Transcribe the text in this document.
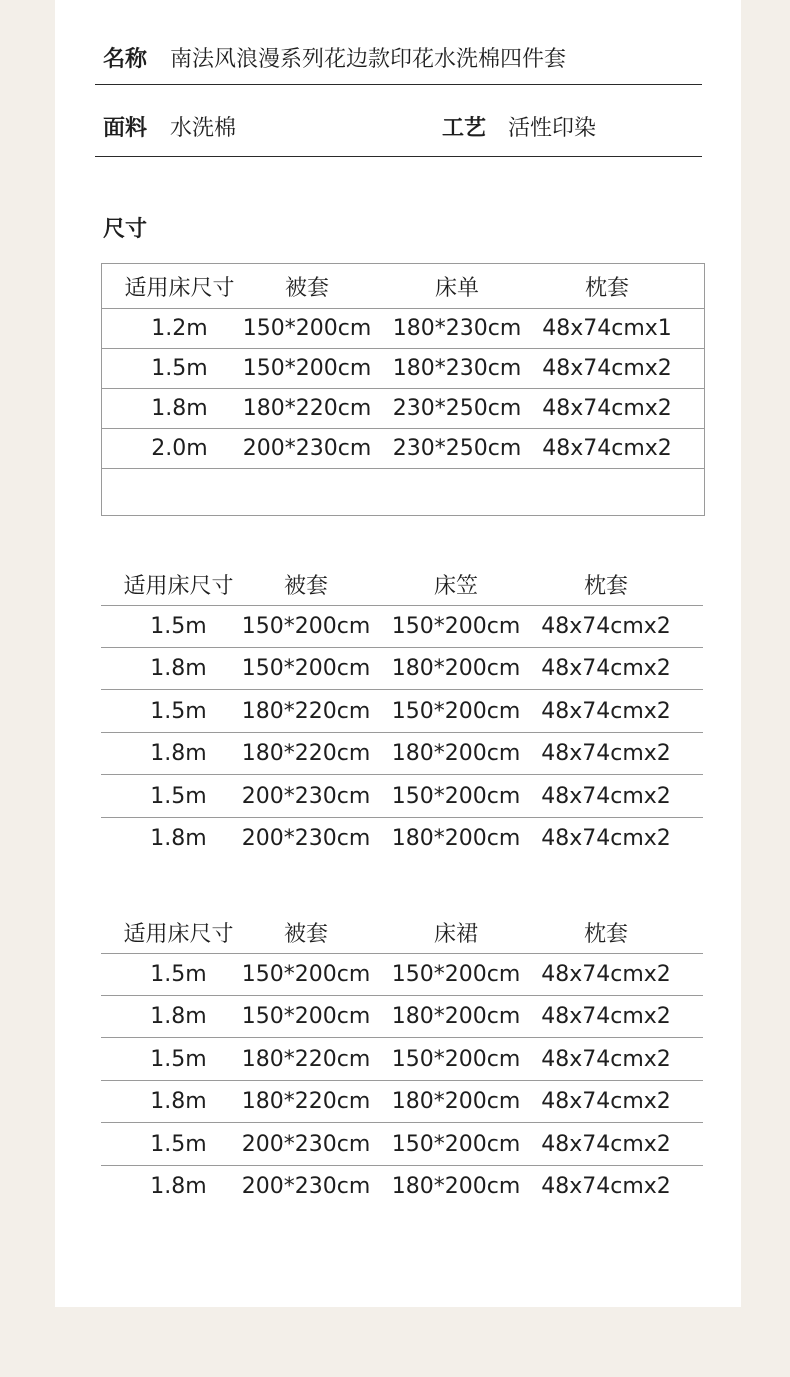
名称 南法风浪漫系列花边款印花水洗棉四件套
面料 水洗棉	工艺 活性印染
尺寸
适用床尺寸	被套	床单	枕套
1.2m	150*200cm 180*230cm 48x74cmx1
1.5m	150*200cm 180*230cm 48x74cmx2
1.8m	180*220cm 230*250cm 48x74cmx2
2.0m	200*230cm 230*250cm 48x74cmx2
适用床尺寸	被套	床笠	枕套
1.5m	150*200cm 150*200cm 48x74cmx2
1.8m	150*200cm 180*200cm 48x74cmx2
1.5m	180*220cm 150*200cm 48x74cmx2
1.8m	180*220cm 180*200cm 48x74cmx2
1.5m	200*230cm 150*200cm 48x74cmx2
1.8m	200*230cm 180*200cm 48x74cmx2
适用床尺寸	被套	床裙	枕套
1.5m	150*200cm 150*200cm 48x74cmx2
1.8m	150*200cm 180*200cm 48x74cmx2
1.5m	180*220cm 150*200cm 48x74cmx2
1.8m	180*220cm 180*200cm 48x74cmx2
1.5m	200*230cm 150*200cm 48x74cmx2
1.8m	200*230cm 180*200cm 48x74cmx2
